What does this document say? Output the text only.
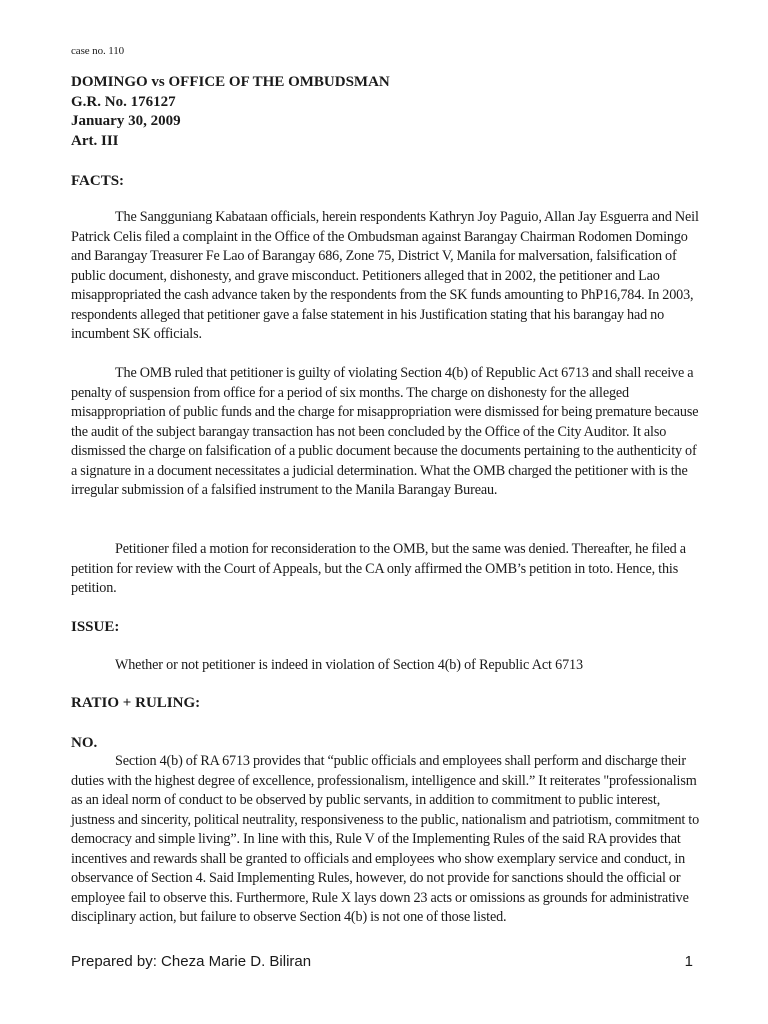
case no. 110
DOMINGO vs OFFICE OF THE OMBUDSMAN
G.R. No. 176127
January 30, 2009
Art. III
FACTS:
The Sangguniang Kabataan officials, herein respondents Kathryn Joy Paguio, Allan Jay Esguerra and Neil Patrick Celis filed a complaint in the Office of the Ombudsman against Barangay Chairman Rodomen Domingo and Barangay Treasurer Fe Lao of Barangay 686, Zone 75, District V, Manila for malversation, falsification of public document, dishonesty, and grave misconduct. Petitioners alleged that in 2002, the petitioner and Lao misappropriated the cash advance taken by the respondents from the SK funds amounting to PhP16,784. In 2003, respondents alleged that petitioner gave a false statement in his Justification stating that his barangay had no incumbent SK officials.
The OMB ruled that petitioner is guilty of violating Section 4(b) of Republic Act 6713 and shall receive a penalty of suspension from office for a period of six months. The charge on dishonesty for the alleged misappropriation of public funds and the charge for misappropriation were dismissed for being premature because the audit of the subject barangay transaction has not been concluded by the Office of the City Auditor. It also dismissed the charge on falsification of a public document because the documents pertaining to the authenticity of a signature in a document necessitates a judicial determination. What the OMB charged the petitioner with is the irregular submission of a falsified instrument to the Manila Barangay Bureau.
Petitioner filed a motion for reconsideration to the OMB, but the same was denied. Thereafter, he filed a petition for review with the Court of Appeals, but the CA only affirmed the OMB’s petition in toto. Hence, this petition.
ISSUE:
Whether or not petitioner is indeed in violation of Section 4(b) of Republic Act 6713
RATIO + RULING:
NO.
Section 4(b) of RA 6713 provides that “public officials and employees shall perform and discharge their duties with the highest degree of excellence, professionalism, intelligence and skill.” It reiterates "professionalism as an ideal norm of conduct to be observed by public servants, in addition to commitment to public interest, justness and sincerity, political neutrality, responsiveness to the public, nationalism and patriotism, commitment to democracy and simple living”. In line with this, Rule V of the Implementing Rules of the said RA provides that incentives and rewards shall be granted to officials and employees who show exemplary service and conduct, in observance of Section 4. Said Implementing Rules, however, do not provide for sanctions should the official or employee fail to observe this. Furthermore, Rule X lays down 23 acts or omissions as grounds for administrative disciplinary action, but failure to observe Section 4(b) is not one of those listed.
Prepared by: Cheza Marie D. Biliran	1
